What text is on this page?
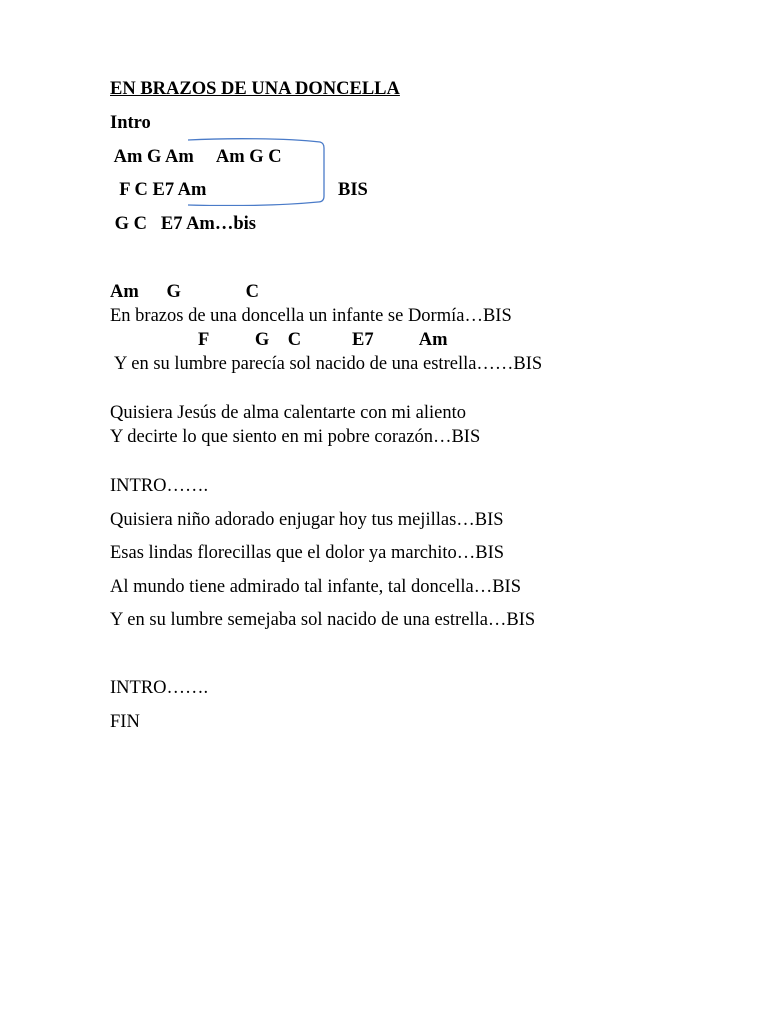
EN BRAZOS DE UNA DONCELLA
Intro
Am G Am     Am G C
F C E7 Am	BIS
G C   E7 Am…bis
Am      G              C
En brazos de una doncella un infante se Dormía…BIS
F          G    C           E7          Am
Y en su lumbre parecía sol nacido de una estrella……BIS
Quisiera Jesús de alma calentarte con mi aliento
Y decirte lo que siento en mi pobre corazón…BIS
INTRO…….
Quisiera niño adorado enjugar hoy tus mejillas…BIS
Esas lindas florecillas que el dolor ya marchito…BIS
Al mundo tiene admirado tal infante, tal doncella…BIS
Y en su lumbre semejaba sol nacido de una estrella…BIS
INTRO…….
FIN
